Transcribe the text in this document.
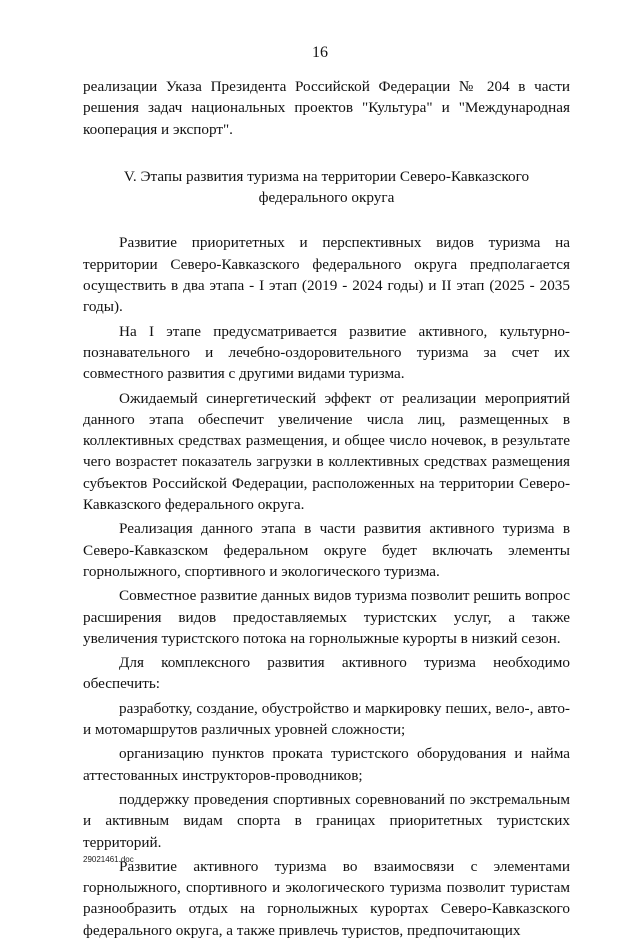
16

реализации Указа Президента Российской Федерации № 204 в части решения задач национальных проектов "Культура" и "Международная кооперация и экспорт".

V. Этапы развития туризма на территории Северо-Кавказского
федерального округа

Развитие приоритетных и перспективных видов туризма на территории Северо-Кавказского федерального округа предполагается осуществить в два этапа - I этап (2019 - 2024 годы) и II этап (2025 - 2035 годы).

На I этапе предусматривается развитие активного, культурно-познавательного и лечебно-оздоровительного туризма за счет их совместного развития с другими видами туризма.

Ожидаемый синергетический эффект от реализации мероприятий данного этапа обеспечит увеличение числа лиц, размещенных в коллективных средствах размещения, и общее число ночевок, в результате чего возрастет показатель загрузки в коллективных средствах размещения субъектов Российской Федерации, расположенных на территории Северо-Кавказского федерального округа.

Реализация данного этапа в части развития активного туризма в Северо-Кавказском федеральном округе будет включать элементы горнолыжного, спортивного и экологического туризма.

Совместное развитие данных видов туризма позволит решить вопрос расширения видов предоставляемых туристских услуг, а также увеличения туристского потока на горнолыжные курорты в низкий сезон.

Для комплексного развития активного туризма необходимо обеспечить:

разработку, создание, обустройство и маркировку пеших, вело-, авто- и мотомаршрутов различных уровней сложности;

организацию пунктов проката туристского оборудования и найма аттестованных инструкторов-проводников;

поддержку проведения спортивных соревнований по экстремальным и активным видам спорта в границах приоритетных туристских территорий.

Развитие активного туризма во взаимосвязи с элементами горнолыжного, спортивного и экологического туризма позволит туристам разнообразить отдых на горнолыжных курортах Северо-Кавказского федерального округа, а также привлечь туристов, предпочитающих

29021461.doc
